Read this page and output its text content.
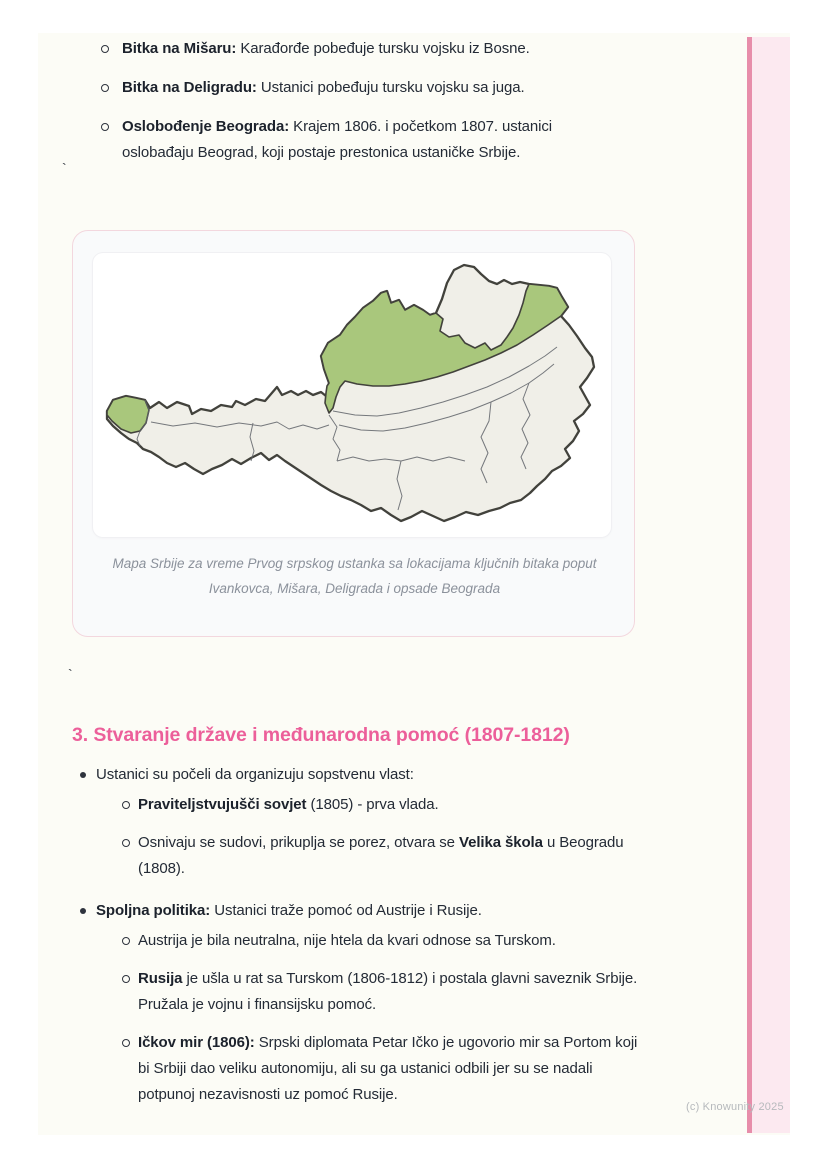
Bitka na Mišaru: Karađorđe pobeđuje tursku vojsku iz Bosne.
Bitka na Deligradu: Ustanici pobeđuju tursku vojsku sa juga.
Oslobođenje Beograda: Krajem 1806. i početkom 1807. ustanici oslobađaju Beograd, koji postaje prestonica ustaničke Srbije.
`
Mapa Srbije za vreme Prvog srpskog ustanka sa lokacijama ključnih bitaka poput Ivankovca, Mišara, Deligrada i opsade Beograda
`
3. Stvaranje države i međunarodna pomoć (1807-1812)
Ustanici su počeli da organizuju sopstvenu vlast:
Praviteljstvujušči sovjet (1805) - prva vlada.
Osnivaju se sudovi, prikuplja se porez, otvara se Velika škola u Beogradu (1808).
Spoljna politika: Ustanici traže pomoć od Austrije i Rusije.
Austrija je bila neutralna, nije htela da kvari odnose sa Turskom.
Rusija je ušla u rat sa Turskom (1806-1812) i postala glavni saveznik Srbije. Pružala je vojnu i finansijsku pomoć.
Ičkov mir (1806): Srpski diplomata Petar Ičko je ugovorio mir sa Portom koji bi Srbiji dao veliku autonomiju, ali su ga ustanici odbili jer su se nadali potpunoj nezavisnosti uz pomoć Rusije.
(c) Knowunity 2025
